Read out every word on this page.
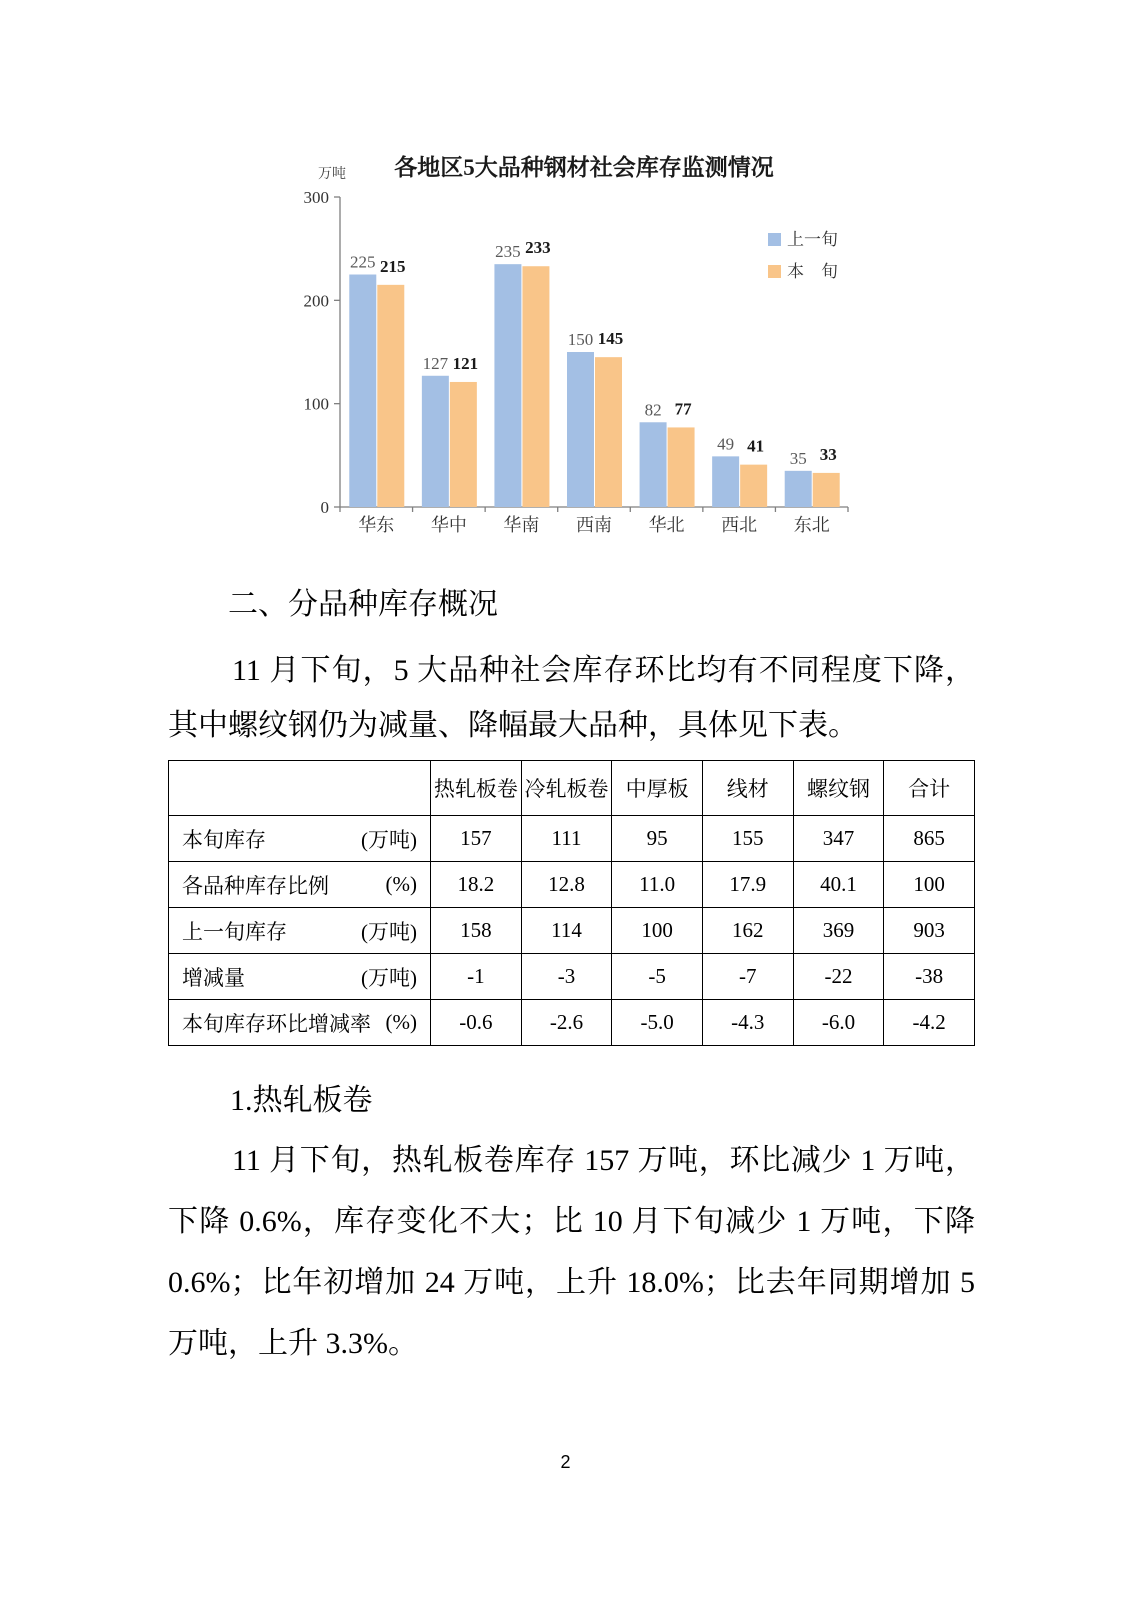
各地区5大品种钢材社会库存监测情况
万吨
0
100
200
300
225 215
华东
127 121
华中
235 233
华南
150 145
西南
82 77
华北
49 41
西北
35 33
东北
上一旬
本　旬
二、分品种库存概况
11 月下旬，5 大品种社会库存环比均有不同程度下降，
其中螺纹钢仍为减量、降幅最大品种，具体见下表。
	热轧板卷	冷轧板卷	中厚板	线材	螺纹钢	合计

本旬库存 (万吨)	157	111	95	155	347	865

各品种库存比例 (%)	18.2	12.8	11.0	17.9	40.1	100

上一旬库存 (万吨)	158	114	100	162	369	903

增减量 (万吨)	-1	-3	-5	-7	-22	-38

本旬库存环比增减率 (%)	-0.6	-2.6	-5.0	-4.3	-6.0	-4.2
1.热轧板卷
11 月下旬，热轧板卷库存 157 万吨，环比减少 1 万吨，
下降 0.6%，库存变化不大；比 10 月下旬减少 1 万吨，下降
0.6%；比年初增加 24 万吨，上升 18.0%；比去年同期增加 5
万吨，上升 3.3%。
2
